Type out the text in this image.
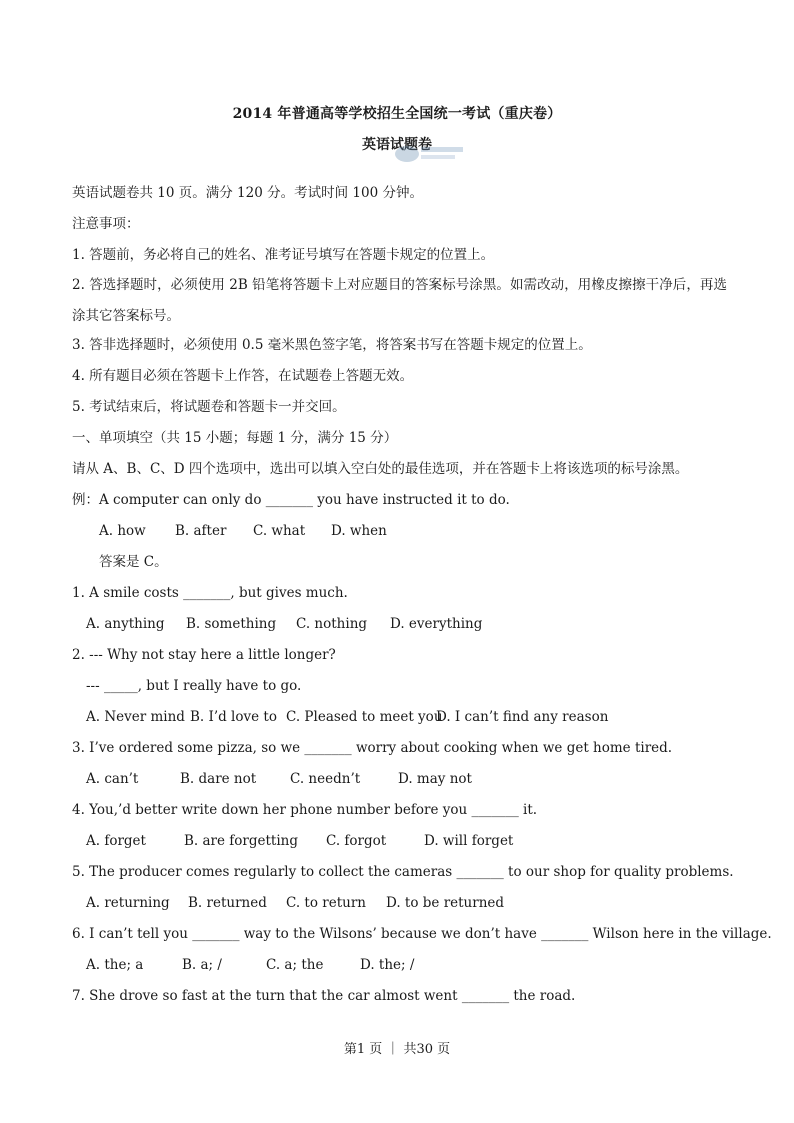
2014 年普通高等学校招生全国统一考试（重庆卷）
英语试题卷
英语试题卷共 10 页。满分 120 分。考试时间 100 分钟。
注意事项：
1. 答题前，务必将自己的姓名、准考证号填写在答题卡规定的位置上。
2. 答选择题时，必须使用 2B 铅笔将答题卡上对应题目的答案标号涂黑。如需改动，用橡皮擦擦干净后，再选涂其它答案标号。
3. 答非选择题时，必须使用 0.5 毫米黑色签字笔，将答案书写在答题卡规定的位置上。
4. 所有题目必须在答题卡上作答，在试题卷上答题无效。
5. 考试结束后，将试题卷和答题卡一并交回。
一、单项填空（共 15 小题；每题 1 分，满分 15 分）
请从 A、B、C、D 四个选项中，选出可以填入空白处的最佳选项，并在答题卡上将该选项的标号涂黑。
例：A computer can only do _______ you have instructed it to do.
A. how	B. after	C. what	D. when
答案是 C。
1. A smile costs _______, but gives much.
A. anything	B. something	C. nothing	D. everything
2. --- Why not stay here a little longer?
--- _____, but I really have to go.
A. Never mind B. I’d love to C. Pleased to meet you
D. I can’t find any reason
3. I’ve ordered some pizza, so we _______ worry about cooking when we get home tired.
A. can’t	B. dare not	C. needn’t	D. may not
4. You,’d better write down her phone number before you _______ it.
A. forget	B. are forgetting	C. forgot	D. will forget
5. The producer comes regularly to collect the cameras _______ to our shop for quality problems.
A. returning	B. returned	C. to return	D. to be returned
6. I can’t tell you _______ way to the Wilsons’ because we don’t have _______ Wilson here in the village.
A. the; a	B. a; /	C. a; the	D. the; /
7. She drove so fast at the turn that the car almost went _______ the road.
第1 页 ｜ 共30 页
